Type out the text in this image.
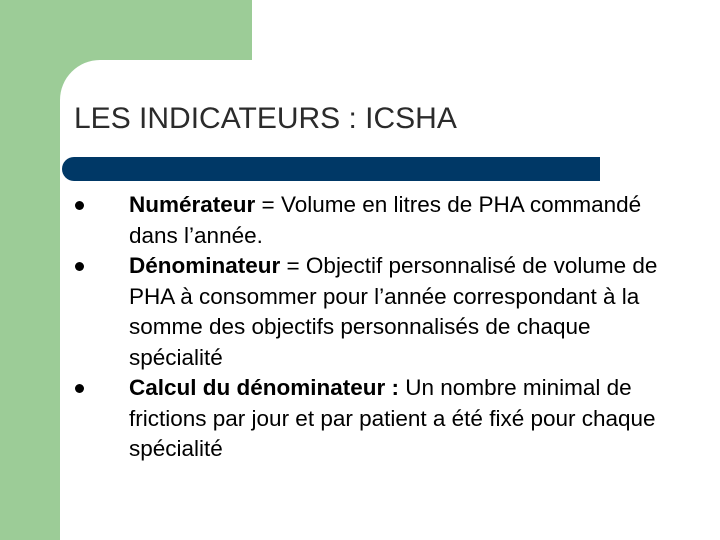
LES INDICATEURS : ICSHA
Numérateur = Volume en litres de PHA commandé dans l’année.
Dénominateur = Objectif personnalisé de volume de PHA à consommer pour l’année correspondant à la somme des objectifs personnalisés de chaque spécialité
Calcul du dénominateur : Un nombre minimal de frictions par jour et par patient a été fixé pour chaque spécialité
